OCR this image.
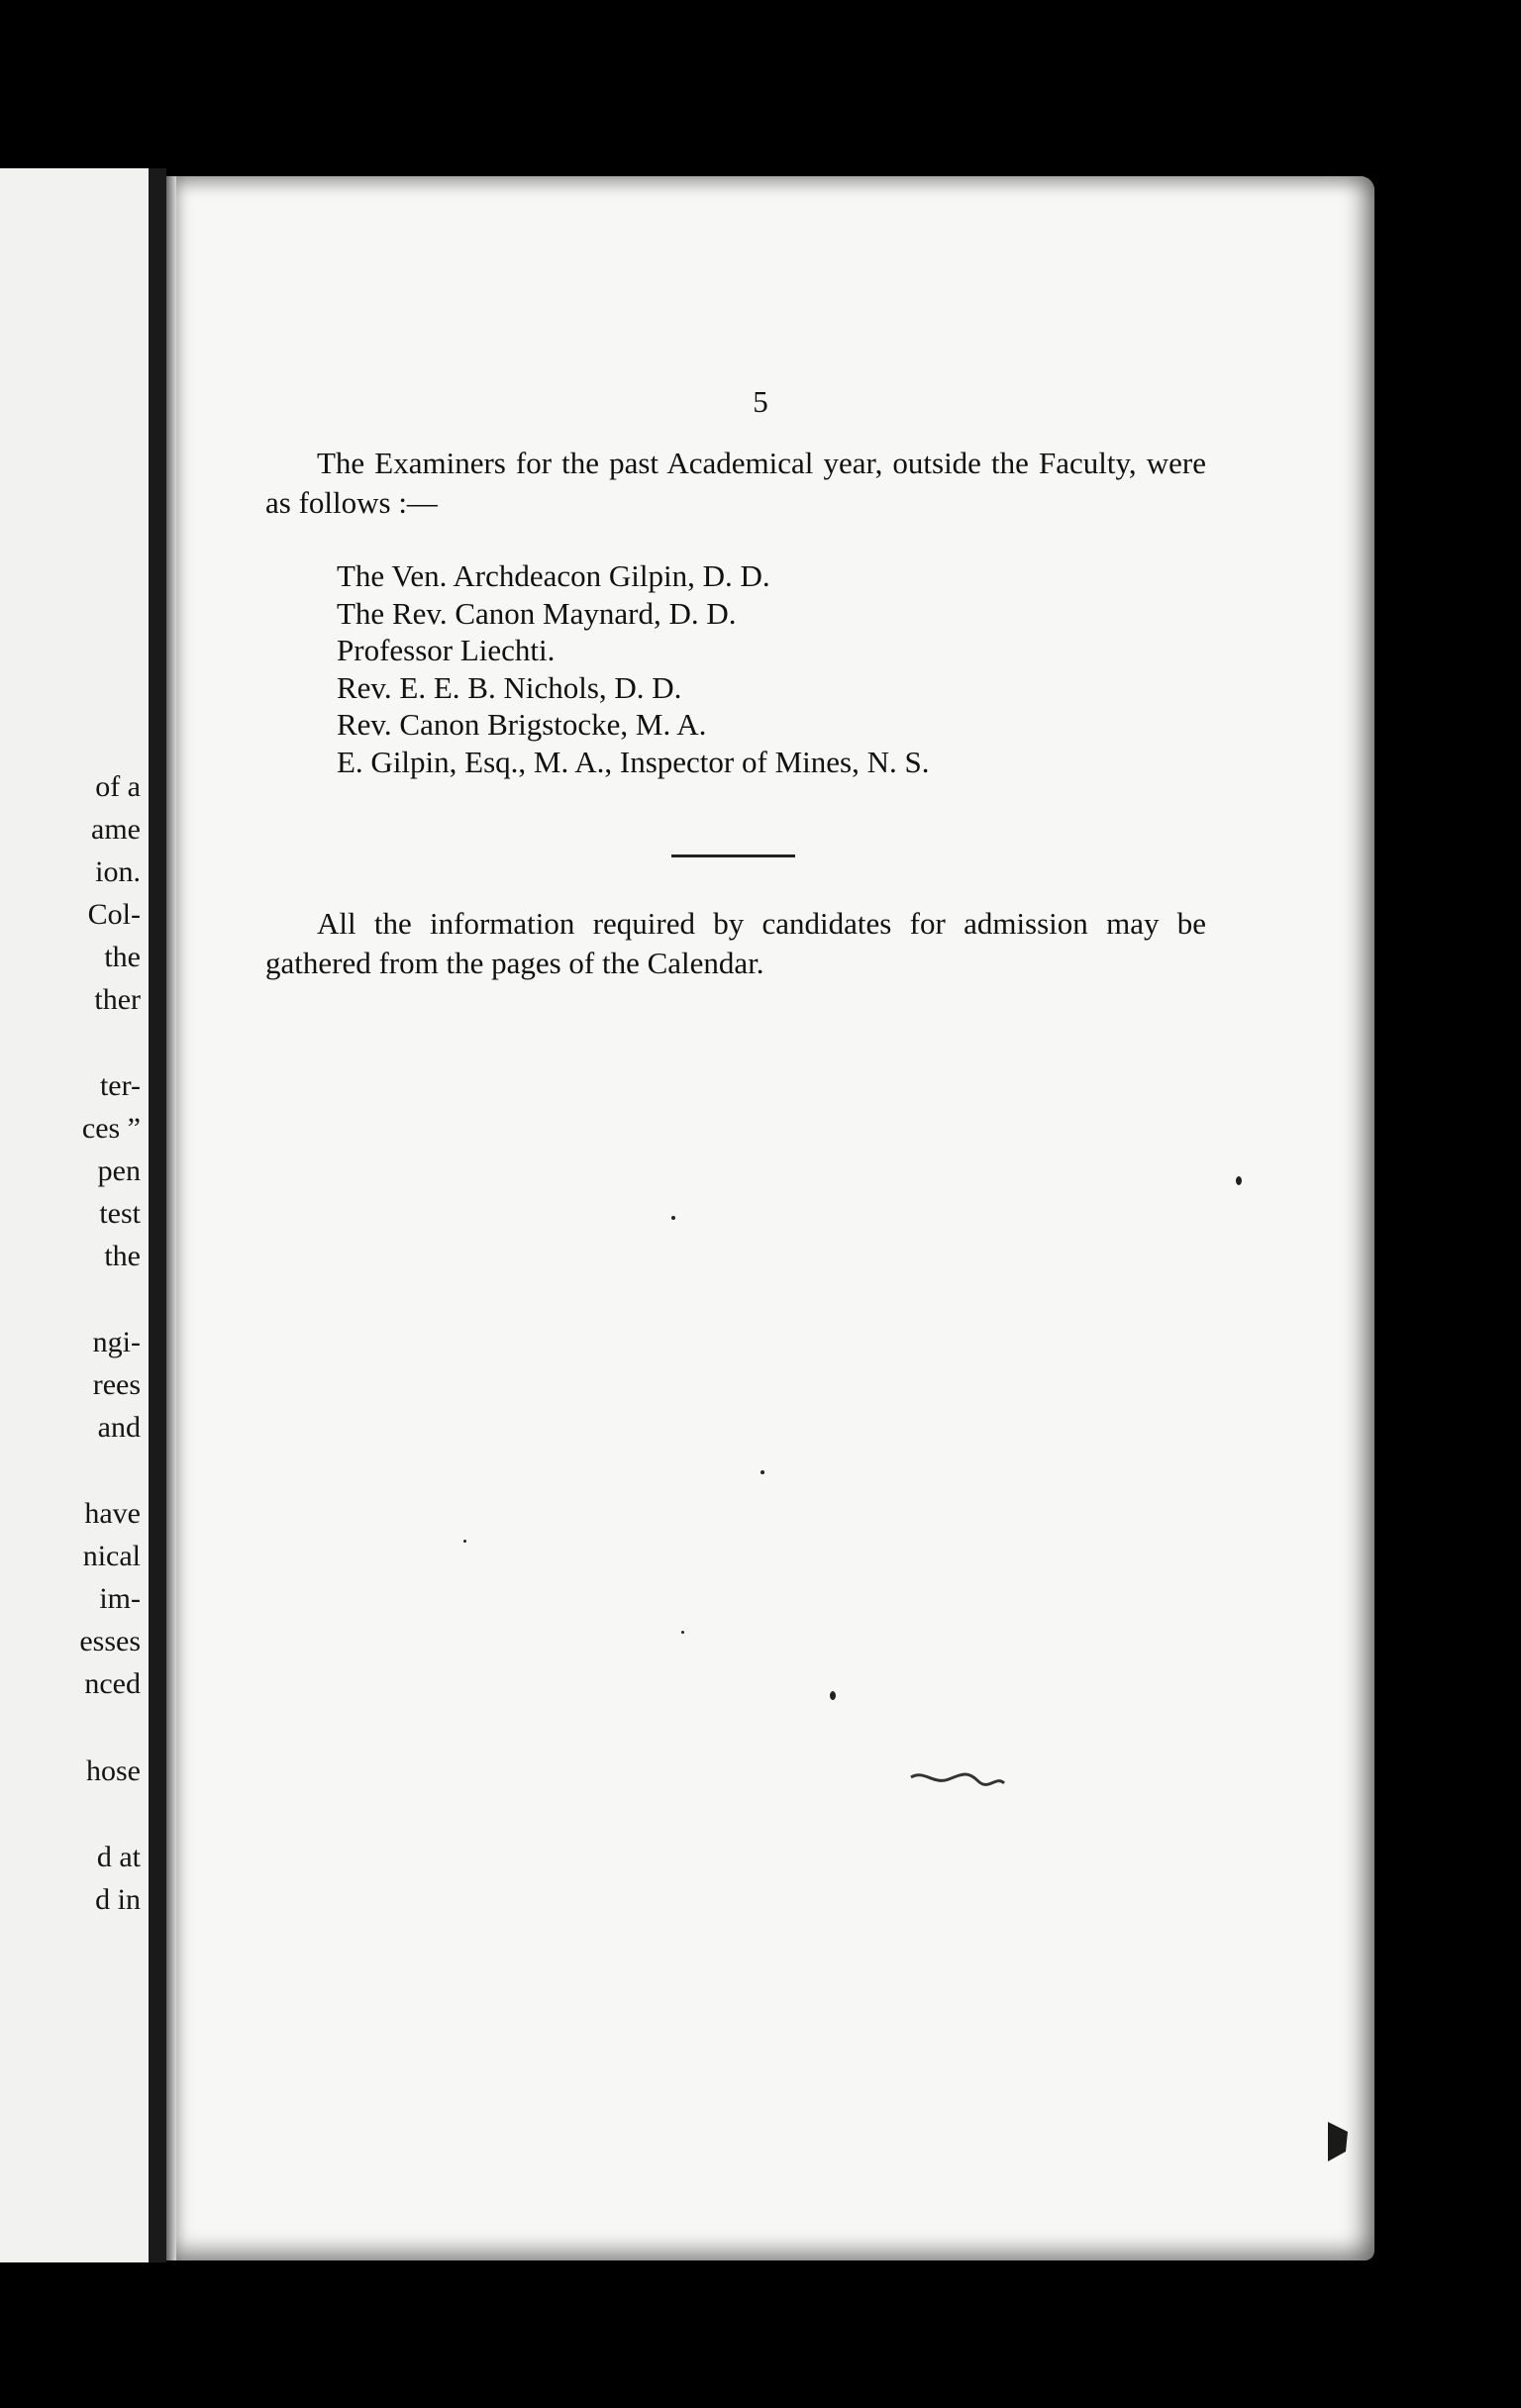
of a
ame
ion.
Col-
the
ther
ter-
ces ”
pen
test
the
ngi-
rees
and
have
nical
im-
esses
nced
hose
d at
d in
5
The Examiners for the past Academical year, outside the Faculty, were as follows :—
The Ven. Archdeacon Gilpin, D. D.
The Rev. Canon Maynard, D. D.
Professor Liechti.
Rev. E. E. B. Nichols, D. D.
Rev. Canon Brigstocke, M. A.
E. Gilpin, Esq., M. A., Inspector of Mines, N. S.
All the information required by candidates for admission may be gathered from the pages of the Calendar.
